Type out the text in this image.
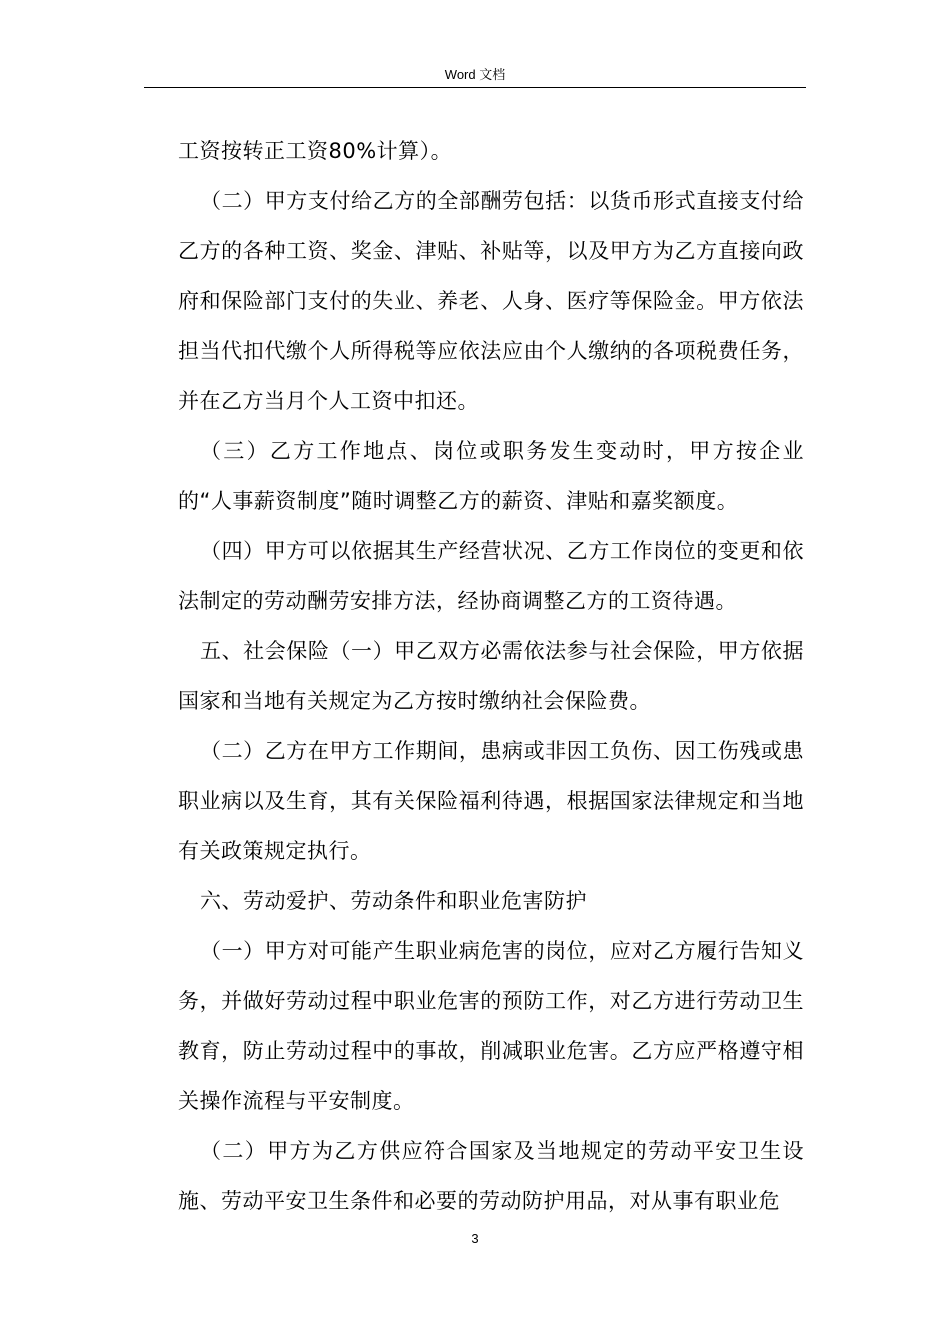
Word 文档

工资按转正工资80%计算）。

（二）甲方支付给乙方的全部酬劳包括：以货币形式直接支付给乙方的各种工资、奖金、津贴、补贴等，以及甲方为乙方直接向政府和保险部门支付的失业、养老、人身、医疗等保险金。甲方依法担当代扣代缴个人所得税等应依法应由个人缴纳的各项税费任务，并在乙方当月个人工资中扣还。

（三）乙方工作地点、岗位或职务发生变动时，甲方按企业的“人事薪资制度”随时调整乙方的薪资、津贴和嘉奖额度。

（四）甲方可以依据其生产经营状况、乙方工作岗位的变更和依法制定的劳动酬劳安排方法，经协商调整乙方的工资待遇。

五、社会保险（一）甲乙双方必需依法参与社会保险，甲方依据国家和当地有关规定为乙方按时缴纳社会保险费。

（二）乙方在甲方工作期间，患病或非因工负伤、因工伤残或患职业病以及生育，其有关保险福利待遇，根据国家法律规定和当地有关政策规定执行。

六、劳动爱护、劳动条件和职业危害防护

（一）甲方对可能产生职业病危害的岗位，应对乙方履行告知义务，并做好劳动过程中职业危害的预防工作，对乙方进行劳动卫生教育，防止劳动过程中的事故，削减职业危害。乙方应严格遵守相关操作流程与平安制度。

（二）甲方为乙方供应符合国家及当地规定的劳动平安卫生设施、劳动平安卫生条件和必要的劳动防护用品，对从事有职业危

3
